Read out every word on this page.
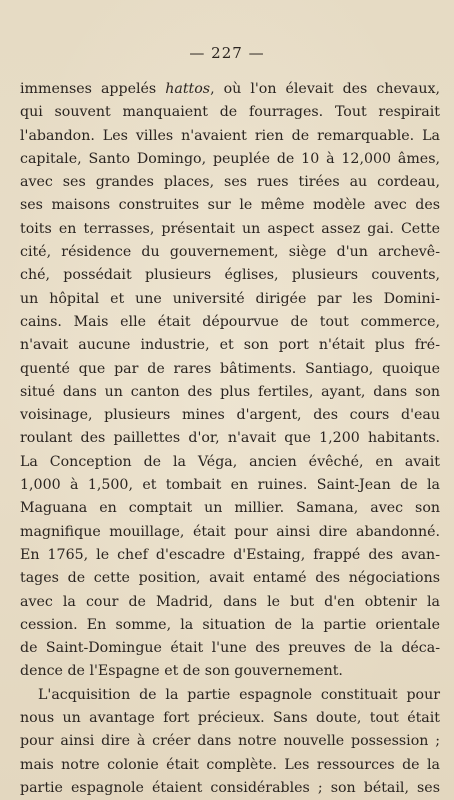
— 227 —

immenses appelés hattos, où l'on élevait des chevaux,
qui souvent manquaient de fourrages. Tout respirait
l'abandon. Les villes n'avaient rien de remarquable. La
capitale, Santo Domingo, peuplée de 10 à 12,000 âmes,
avec ses grandes places, ses rues tirées au cordeau,
ses maisons construites sur le même modèle avec des
toits en terrasses, présentait un aspect assez gai. Cette
cité, résidence du gouvernement, siège d'un archevê-
ché, possédait plusieurs églises, plusieurs couvents,
un hôpital et une université dirigée par les Domini-
cains. Mais elle était dépourvue de tout commerce,
n'avait aucune industrie, et son port n'était plus fré-
quenté que par de rares bâtiments. Santiago, quoique
situé dans un canton des plus fertiles, ayant, dans son
voisinage, plusieurs mines d'argent, des cours d'eau
roulant des paillettes d'or, n'avait que 1,200 habitants.
La Conception de la Véga, ancien évêché, en avait
1,000 à 1,500, et tombait en ruines. Saint-Jean de la
Maguana en comptait un millier. Samana, avec son
magnifique mouillage, était pour ainsi dire abandonné.
En 1765, le chef d'escadre d'Estaing, frappé des avan-
tages de cette position, avait entamé des négociations
avec la cour de Madrid, dans le but d'en obtenir la
cession. En somme, la situation de la partie orientale
de Saint-Domingue était l'une des preuves de la déca-
dence de l'Espagne et de son gouvernement.
L'acquisition de la partie espagnole constituait pour
nous un avantage fort précieux. Sans doute, tout était
pour ainsi dire à créer dans notre nouvelle possession ;
mais notre colonie était complète. Les ressources de la
partie espagnole étaient considérables ; son bétail, ses
